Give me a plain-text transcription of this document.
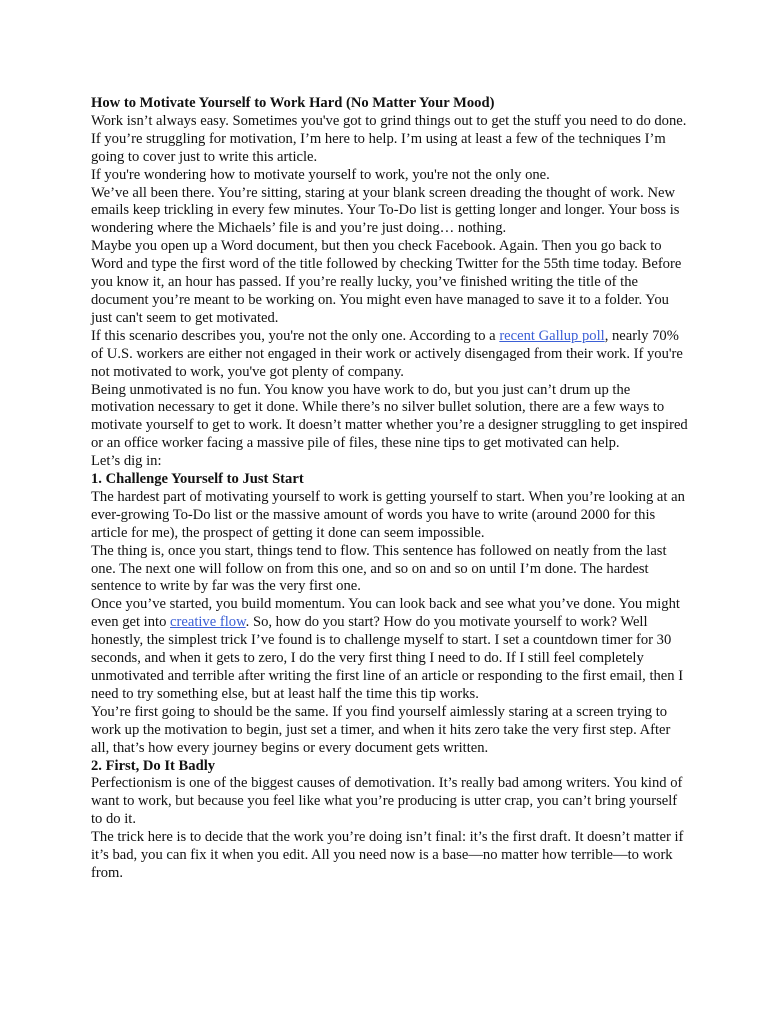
How to Motivate Yourself to Work Hard (No Matter Your Mood)

Work isn’t always easy. Sometimes you've got to grind things out to get the stuff you need to do done. If you’re struggling for motivation, I’m here to help. I’m using at least a few of the techniques I’m going to cover just to write this article.

If you're wondering how to motivate yourself to work, you're not the only one.

We’ve all been there. You’re sitting, staring at your blank screen dreading the thought of work. New emails keep trickling in every few minutes. Your To-Do list is getting longer and longer. Your boss is wondering where the Michaels’ file is and you’re just doing… nothing.

Maybe you open up a Word document, but then you check Facebook. Again. Then you go back to Word and type the first word of the title followed by checking Twitter for the 55th time today. Before you know it, an hour has passed. If you’re really lucky, you’ve finished writing the title of the document you’re meant to be working on. You might even have managed to save it to a folder. You just can't seem to get motivated.

If this scenario describes you, you're not the only one. According to a recent Gallup poll, nearly 70% of U.S. workers are either not engaged in their work or actively disengaged from their work. If you're not motivated to work, you've got plenty of company.

Being unmotivated is no fun. You know you have work to do, but you just can’t drum up the motivation necessary to get it done. While there’s no silver bullet solution, there are a few ways to motivate yourself to get to work. It doesn’t matter whether you’re a designer struggling to get inspired or an office worker facing a massive pile of files, these nine tips to get motivated can help.

Let’s dig in:

1. Challenge Yourself to Just Start

The hardest part of motivating yourself to work is getting yourself to start. When you’re looking at an ever-growing To-Do list or the massive amount of words you have to write (around 2000 for this article for me), the prospect of getting it done can seem impossible.

The thing is, once you start, things tend to flow. This sentence has followed on neatly from the last one. The next one will follow on from this one, and so on and so on until I’m done. The hardest sentence to write by far was the very first one.

Once you’ve started, you build momentum. You can look back and see what you’ve done. You might even get into creative flow. So, how do you start? How do you motivate yourself to work? Well honestly, the simplest trick I’ve found is to challenge myself to start. I set a countdown timer for 30 seconds, and when it gets to zero, I do the very first thing I need to do. If I still feel completely unmotivated and terrible after writing the first line of an article or responding to the first email, then I need to try something else, but at least half the time this tip works.

You’re first going to should be the same. If you find yourself aimlessly staring at a screen trying to work up the motivation to begin, just set a timer, and when it hits zero take the very first step. After all, that’s how every journey begins or every document gets written.

2. First, Do It Badly

Perfectionism is one of the biggest causes of demotivation. It’s really bad among writers. You kind of want to work, but because you feel like what you’re producing is utter crap, you can’t bring yourself to do it.

The trick here is to decide that the work you’re doing isn’t final: it’s the first draft. It doesn’t matter if it’s bad, you can fix it when you edit. All you need now is a base—no matter how terrible—to work from.
